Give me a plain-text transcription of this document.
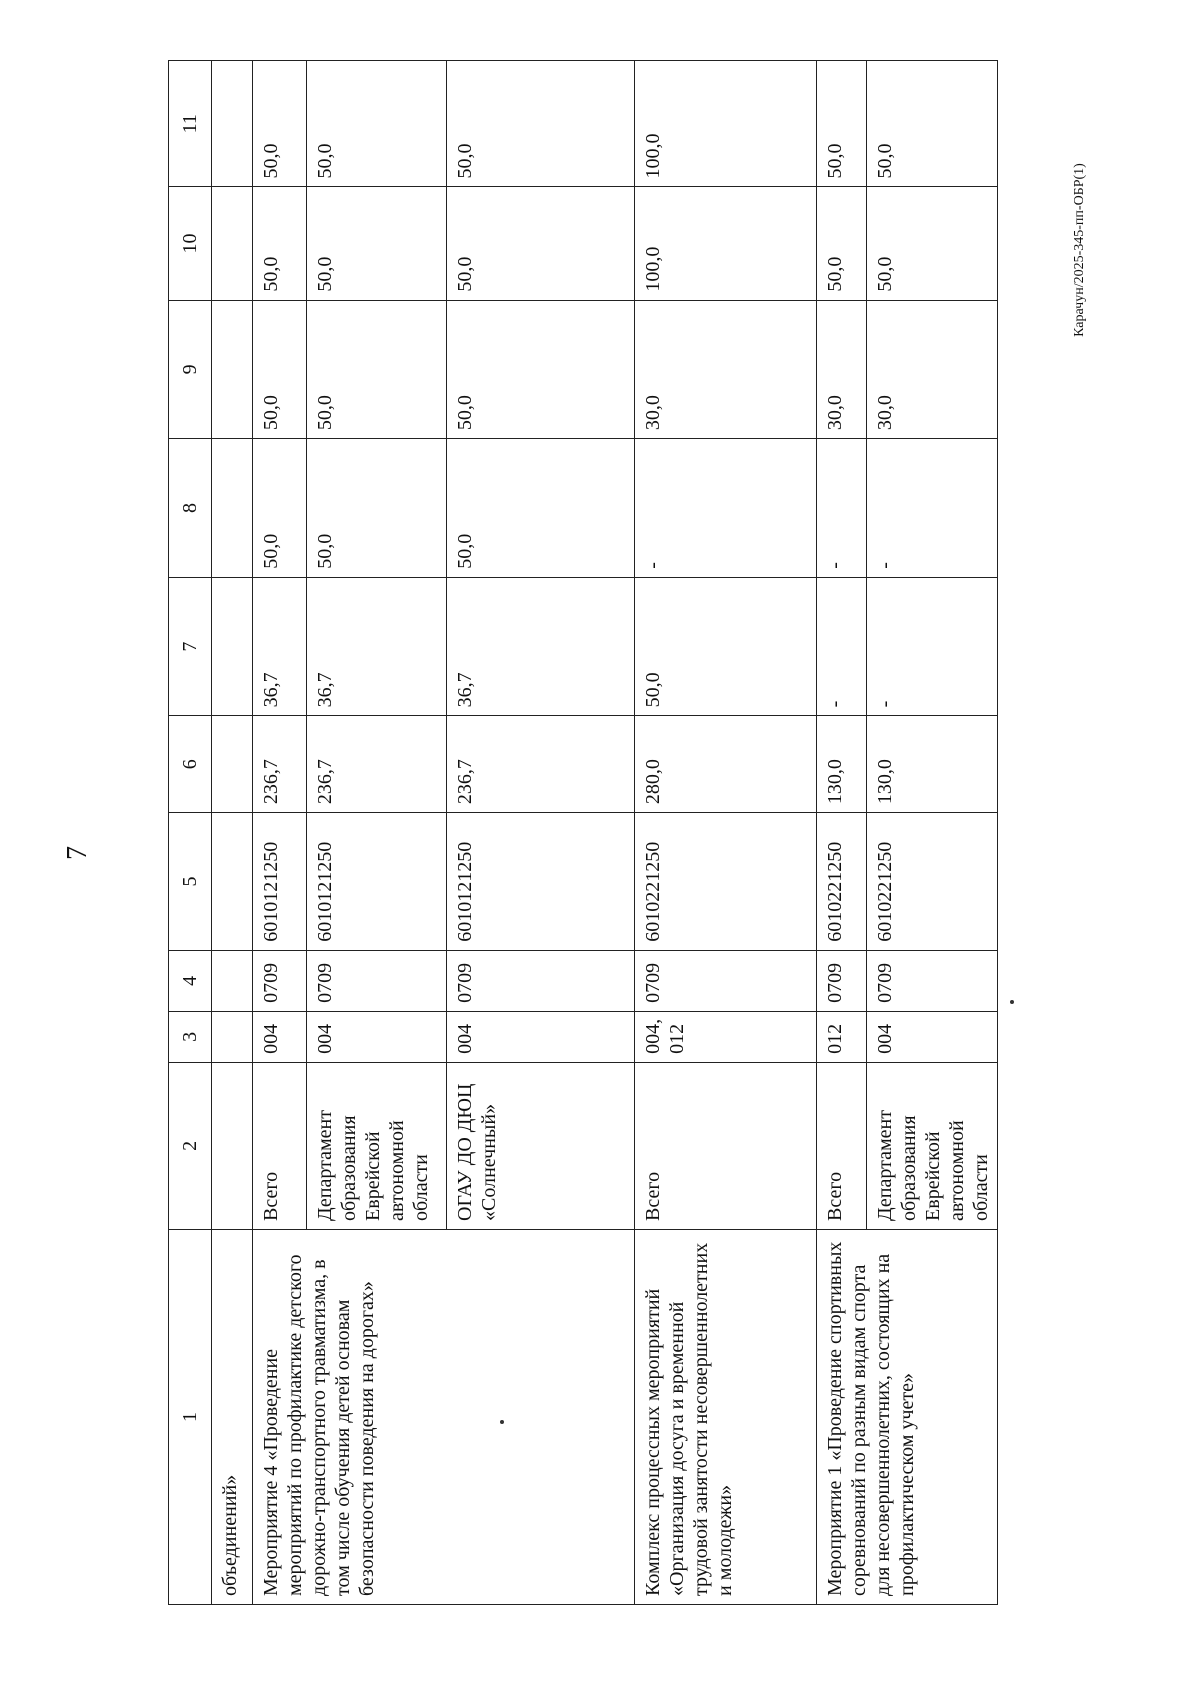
7
Карачун/2025-345-пп-ОБР(1)
1	2	3	4	5	6	7	8	9	10	11
объединений»										
Мероприятие 4 «Проведение мероприятий по профилактике детского дорожно-транспортного травматизма, в том числе обучения детей основам безопасности поведения на дорогах»	Всего	004	0709	6010121250	236,7	36,7	50,0	50,0	50,0	50,0
	Департамент образования Еврейской автономной области	004	0709	6010121250	236,7	36,7	50,0	50,0	50,0	50,0
	ОГАУ ДО ДЮЦ «Солнечный»	004	0709	6010121250	236,7	36,7	50,0	50,0	50,0	50,0
Комплекс процессных мероприятий «Организация досуга и временной трудовой занятости несовершеннолетних и молодежи»	Всего	004, 012	0709	6010221250	280,0	50,0	-	30,0	100,0	100,0
Мероприятие 1 «Проведение спортивных соревнований по разным видам спорта для несовершеннолетних, состоящих на профилактическом учете»	Всего	012	0709	6010221250	130,0	-	-	30,0	50,0	50,0
	Департамент образования Еврейской автономной области	004	0709	6010221250	130,0	-	-	30,0	50,0	50,0
